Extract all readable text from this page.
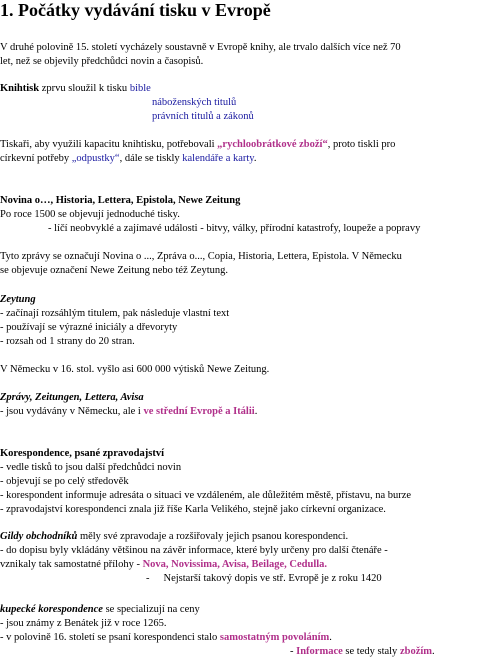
1. Počátky vydávání tisku v Evropě
V druhé polovině 15. století vycházely soustavně v Evropě knihy, ale trvalo dalších více než 70
let, než se objevily předchůdci novin a časopisů.
Knihtisk zprvu sloužil k tisku bible
náboženských titulů
právních titulů a zákonů
Tiskaři, aby využili kapacitu knihtisku, potřebovali „rychloobrátkové zboží“, proto tiskli pro
církevní potřeby „odpustky“, dále se tiskly kalendáře a karty.
Novina o…, Historia, Lettera, Epistola, Newe Zeitung
Po roce 1500 se objevují jednoduché tisky.
- líčí neobvyklé a zajímavé události - bitvy, války, přírodní katastrofy, loupeže a popravy
Tyto zprávy se označují Novina o ..., Zpráva o..., Copia, Historia, Lettera, Epistola. V Německu
se objevuje označení Newe Zeitung nebo též Zeytung.
Zeytung
- začínají rozsáhlým titulem, pak následuje vlastní text
- používají se výrazné iniciály a dřevoryty
- rozsah od 1 strany do 20 stran.
V Německu v 16. stol. vyšlo asi 600 000 výtisků Newe Zeitung.
Zprávy, Zeitungen, Lettera, Avisa
- jsou vydávány v Německu, ale i ve střední Evropě a Itálii.
Korespondence, psané zpravodajství
- vedle tisků to jsou další předchůdci novin
- objevují se po celý středověk
- korespondent informuje adresáta o situaci ve vzdáleném, ale důležitém městě, přístavu, na burze
- zpravodajství korespondenci znala již říše Karla Velikého, stejně jako církevní organizace.
Gildy obchodníků měly své zpravodaje a rozšiřovaly jejich psanou korespondenci.
- do dopisu byly vkládány většinou na závěr informace, které byly určeny pro další čtenáře -
vznikaly tak samostatné přílohy - Nova, Novissima, Avisa, Beilage, Cedulla.
- Nejstarší takový dopis ve stř. Evropě je z roku 1420
kupecké korespondence se specializují na ceny
- jsou známy z Benátek již v roce 1265.
- v polovině 16. století se psaní korespondenci stalo samostatným povoláním.
- Informace se tedy staly zbožím.
